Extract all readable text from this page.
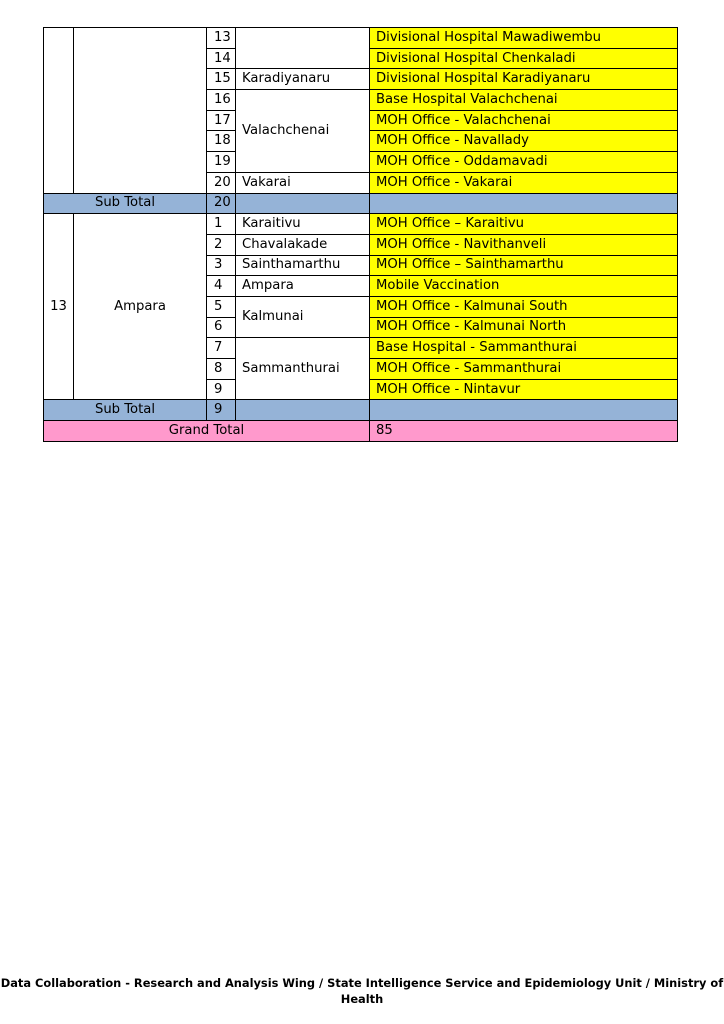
		13		Divisional Hospital Mawadiwembu
		14		Divisional Hospital Chenkaladi
		15	Karadiyanaru	Divisional Hospital Karadiyanaru
		16	Valachchenai	Base Hospital Valachchenai
		17		MOH Office - Valachchenai
		18		MOH Office - Navallady
		19		MOH Office - Oddamavadi
		20	Vakarai	MOH Office - Vakarai
Sub Total		20		
13	Ampara	1	Karaitivu	MOH Office – Karaitivu
		2	Chavalakade	MOH Office - Navithanveli
		3	Sainthamarthu	MOH Office – Sainthamarthu
		4	Ampara	Mobile Vaccination
		5	Kalmunai	MOH Office - Kalmunai South
		6		MOH Office - Kalmunai North
		7	Sammanthurai	Base Hospital - Sammanthurai
		8		MOH Office - Sammanthurai
		9		MOH Office - Nintavur
Sub Total		9		
Grand Total				85
Data Collaboration - Research and Analysis Wing / State Intelligence Service and Epidemiology Unit / Ministry of
Health
